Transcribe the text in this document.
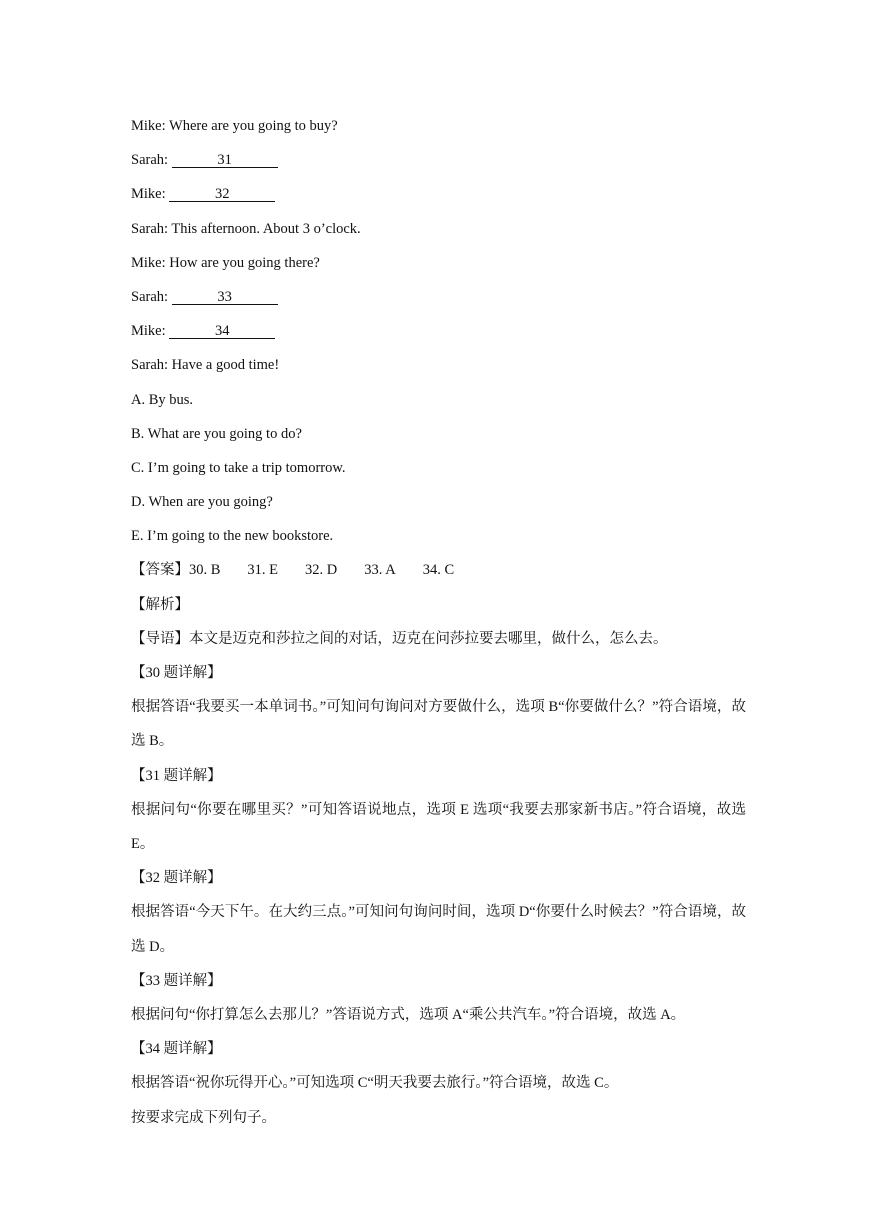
Mike: Where are you going to buy?
Sarah:	31
Mike:	32
Sarah: This afternoon. About 3 o’clock.
Mike: How are you going there?
Sarah:	33
Mike:	34
Sarah: Have a good time!
A. By bus.
B. What are you going to do?
C. I’m going to take a trip tomorrow.
D. When are you going?
E. I’m going to the new bookstore.
【答案】30. B 31. E 32. D 33. A 34. C
【解析】
【导语】本文是迈克和莎拉之间的对话，迈克在问莎拉要去哪里，做什么，怎么去。
【30 题详解】
根据答语“我要买一本单词书。”可知问句询问对方要做什么，选项 B“你要做什么？”符合语境，故选 B。
【31 题详解】
根据问句“你要在哪里买？”可知答语说地点，选项 E 选项“我要去那家新书店。”符合语境，故选 E。
【32 题详解】
根据答语“今天下午。在大约三点。”可知问句询问时间，选项 D“你要什么时候去？”符合语境，故选 D。
【33 题详解】
根据问句“你打算怎么去那儿？”答语说方式，选项 A“乘公共汽车。”符合语境，故选 A。
【34 题详解】
根据答语“祝你玩得开心。”可知选项 C“明天我要去旅行。”符合语境，故选 C。
按要求完成下列句子。
